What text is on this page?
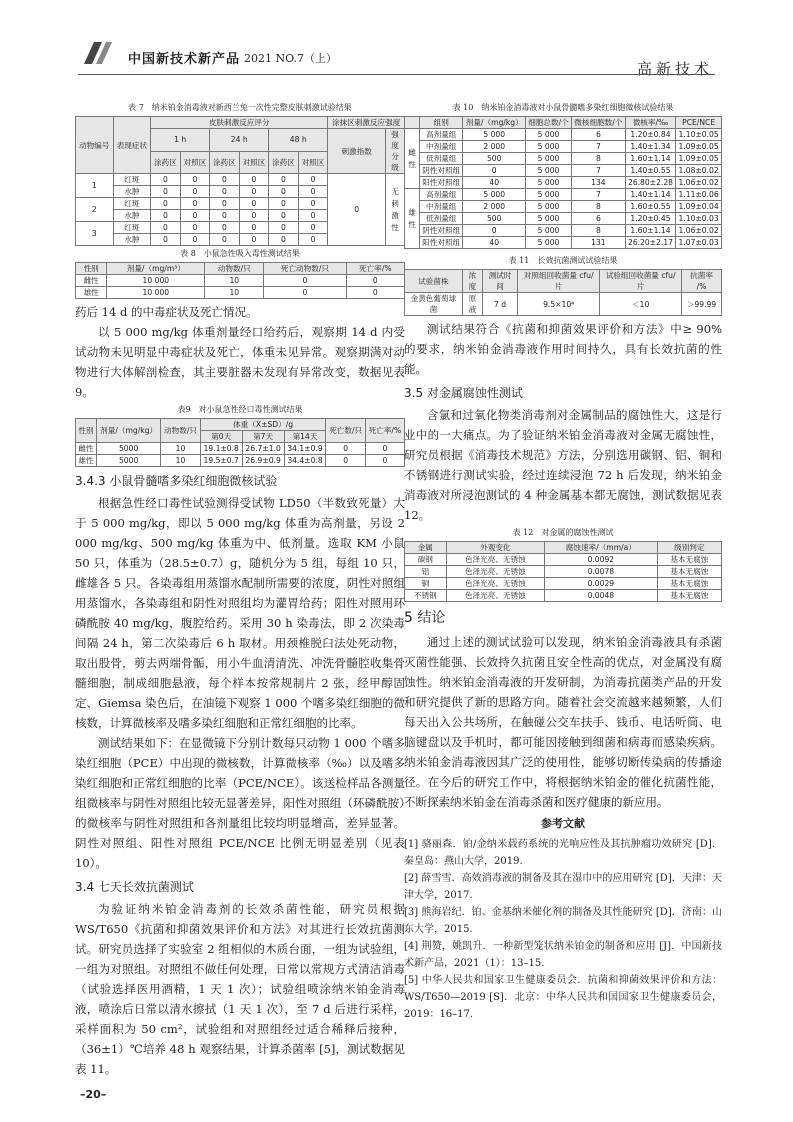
中国新技术新产品 2021 NO.7（上）
高新技术
表 7　纳米铂金消毒液对新西兰兔一次性完整皮肤刺激试验结果
动物编号	表现症状	皮肤刺激反应评分						涂抹区刺激反应强度	
		1 h		24 h		48 h		刺激指数	强度分级
		涂药区	对照区	涂药区	对照区	涂药区	对照区		
1	红斑	0	0	0	0	0	0	0	无刺激性
	水肿	0	0	0	0	0	0		
2	红斑	0	0	0	0	0	0		
	水肿	0	0	0	0	0	0		
3	红斑	0	0	0	0	0	0		
	水肿	0	0	0	0	0	0		
表 8　小鼠急性吸入毒性测试结果
性别	剂量/（mg/m³）	动物数/只	死亡动物数/只	死亡率/%
雌性	10 000	10	0	0
雄性	10 000	10	0	0

药后 14 d 的中毒症状及死亡情况。

以 5 000 mg/kg 体重剂量经口给药后，观察期 14 d 内受试动物未见明显中毒症状及死亡，体重未见异常。观察期满对动物进行大体解剖检查，其主要脏器未发现有异常改变，数据见表 9。

表9　对小鼠急性经口毒性测试结果
性别	剂量/（mg/kg）	动物数/只	体重（X±SD）/g			死亡数/只	死亡率/%
			第0天	第7天	第14天		
雌性	5000	10	19.1±0.8	26.7±1.0	34.1±0.9	0	0
雄性	5000	10	19.5±0.7	26.9±0.9	34.4±0.8	0	0
3.4.3 小鼠骨髓嗜多染红细胞微核试验

根据急性经口毒性试验测得受试物 LD50（半数致死量）大于 5 000 mg/kg，即以 5 000 mg/kg 体重为高剂量，另设 2 000 mg/kg、500 mg/kg 体重为中、低剂量。选取 KM 小鼠 50 只，体重为（28.5±0.7）g，随机分为 5 组，每组 10 只，雌雄各 5 只。各染毒组用蒸馏水配制所需要的浓度，阴性对照组用蒸馏水，各染毒组和阴性对照组均为灌胃给药；阳性对照用环磷酰胺 40 mg/kg，腹腔给药。采用 30 h 染毒法，即 2 次染毒间隔 24 h，第二次染毒后 6 h 取材。用颈椎脱臼法处死动物，取出股骨，剪去两端骨骺，用小牛血清清洗、冲洗骨髓腔收集骨髓细胞，制成细胞悬液，每个样本按常规制片 2 张，经甲醇固定、Giemsa 染色后，在油镜下观察 1 000 个嗜多染红细胞的微核数，计算微核率及嗜多染红细胞和正常红细胞的比率。

测试结果如下：在显微镜下分别计数每只动物 1 000 个嗜多染红细胞（PCE）中出现的微核数，计算微核率（‰）以及嗜多染红细胞和正常红细胞的比率（PCE/NCE）。该送检样品各测量组微核率与阴性对照组比较无显著差异，阳性对照组（环磷酰胺）的微核率与阴性对照组和各剂量组比较均明显增高，差异显著。阴性对照组、阳性对照组 PCE/NCE 比例无明显差别（见表 10）。

3.4 七天长效抗菌测试

为验证纳米铂金消毒剂的长效杀菌性能，研究员根据 WS/T650《抗菌和抑菌效果评价和方法》对其进行长效抗菌测试。研究员选择了实验室 2 组相似的木质台面，一组为试验组，一组为对照组。对照组不做任何处理，日常以常规方式清洁消毒（试验选择医用酒精，1 天 1 次）；试验组喷涂纳米铂金消毒液，喷涂后日常以清水擦拭（1 天 1 次），至 7 d 后进行采样，采样面积为 50 cm²，试验组和对照组经过适合稀释后接种，（36±1）℃培养 48 h 观察结果，计算杀菌率 [5]，测试数据见表 11。

表 10　纳米铂金消毒液对小鼠骨髓嗜多染红细胞微核试验结果
	组别	剂量/（mg/kg）	细胞总数/个	微核细胞数/个	微核率/‰	PCE/NCE
雌性	高剂量组	5 000	5 000	6	1.20±0.84	1.10±0.05
	中剂量组	2 000	5 000	7	1.40±1.34	1.09±0.05
	低剂量组	500	5 000	8	1.60±1.14	1.09±0.05
	阴性对照组	0	5 000	7	1.40±0.55	1.08±0.02
	阳性对照组	40	5 000	134	26.80±2.28	1.06±0.02
雄性	高剂量组	5 000	5 000	7	1.40±1.14	1.11±0.06
	中剂量组	2 000	5 000	8	1.60±0.55	1.09±0.04
	低剂量组	500	5 000	6	1.20±0.45	1.10±0.03
	阴性对照组	0	5 000	8	1.60±1.14	1.06±0.02
	阳性对照组	40	5 000	131	26.20±2.17	1.07±0.03
表 11　长效抗菌测试试验结果
试验菌株	浓度	测试时间	对照组回收菌量 cfu/片	试验组回收菌量 cfu/片	抗菌率 /%
金黄色葡萄球菌	原液	7 d	9.5×10⁴	＜10	＞99.99

测试结果符合《抗菌和抑菌效果评价和方法》中≥ 90% 的要求，纳米铂金消毒液作用时间持久，具有长效抗菌的性能。

3.5 对金属腐蚀性测试

含氯和过氧化物类消毒剂对金属制品的腐蚀性大，这是行业中的一大痛点。为了验证纳米铂金消毒液对金属无腐蚀性，研究员根据《消毒技术规范》方法，分别选用碳钢、铝、铜和不锈钢进行测试实验，经过连续浸泡 72 h 后发现，纳米铂金消毒液对所浸泡测试的 4 种金属基本都无腐蚀，测试数据见表 12。

表 12　对金属的腐蚀性测试
金属	外观变化	腐蚀速率/（mm/a）	级别判定
碳钢	色泽光亮、无锈蚀	0.0092	基本无腐蚀
铝	色泽光亮、无锈蚀	0.0078	基本无腐蚀
铜	色泽光亮、无锈蚀	0.0029	基本无腐蚀
不锈钢	色泽光亮、无锈蚀	0.0048	基本无腐蚀
5 结论

通过上述的测试试验可以发现，纳米铂金消毒液具有杀菌灭菌性能强、长效持久抗菌且安全性高的优点，对金属没有腐蚀性。纳米铂金消毒液的开发研制，为消毒抗菌类产品的开发和研究提供了新的思路方向。随着社会交流越来越频繁，人们每天出入公共场所，在触碰公交车扶手、钱币、电话听筒、电脑键盘以及手机时，都可能因接触到细菌和病毒而感染疾病。纳米铂金消毒液因其广泛的使用性，能够切断传染病的传播途径。在今后的研究工作中，将根据纳米铂金的催化抗菌性能，不断探索纳米铂金在消毒杀菌和医疗健康的新应用。

参考文献

[1] 骆丽森．铂/金纳米载药系统的光响应性及其抗肿瘤功效研究 [D]．秦皇岛：燕山大学，2019.

[2] 薛雪雪．高效消毒液的制备及其在湿巾中的应用研究 [D]．天津：天津大学，2017.

[3] 熊海岩纪．铂、金基纳米催化剂的制备及其性能研究 [D]．济南：山东大学，2015.

[4] 荆赞，姚凯升．一种新型笼状纳米铂金的制备和应用 [J]．中国新技术新产品，2021（1）：13–15.

[5] 中华人民共和国家卫生健康委员会．抗菌和抑菌效果评价和方法：WS/T650—2019 [S]．北京：中华人民共和国国家卫生健康委员会，2019：16–17.

–20–
